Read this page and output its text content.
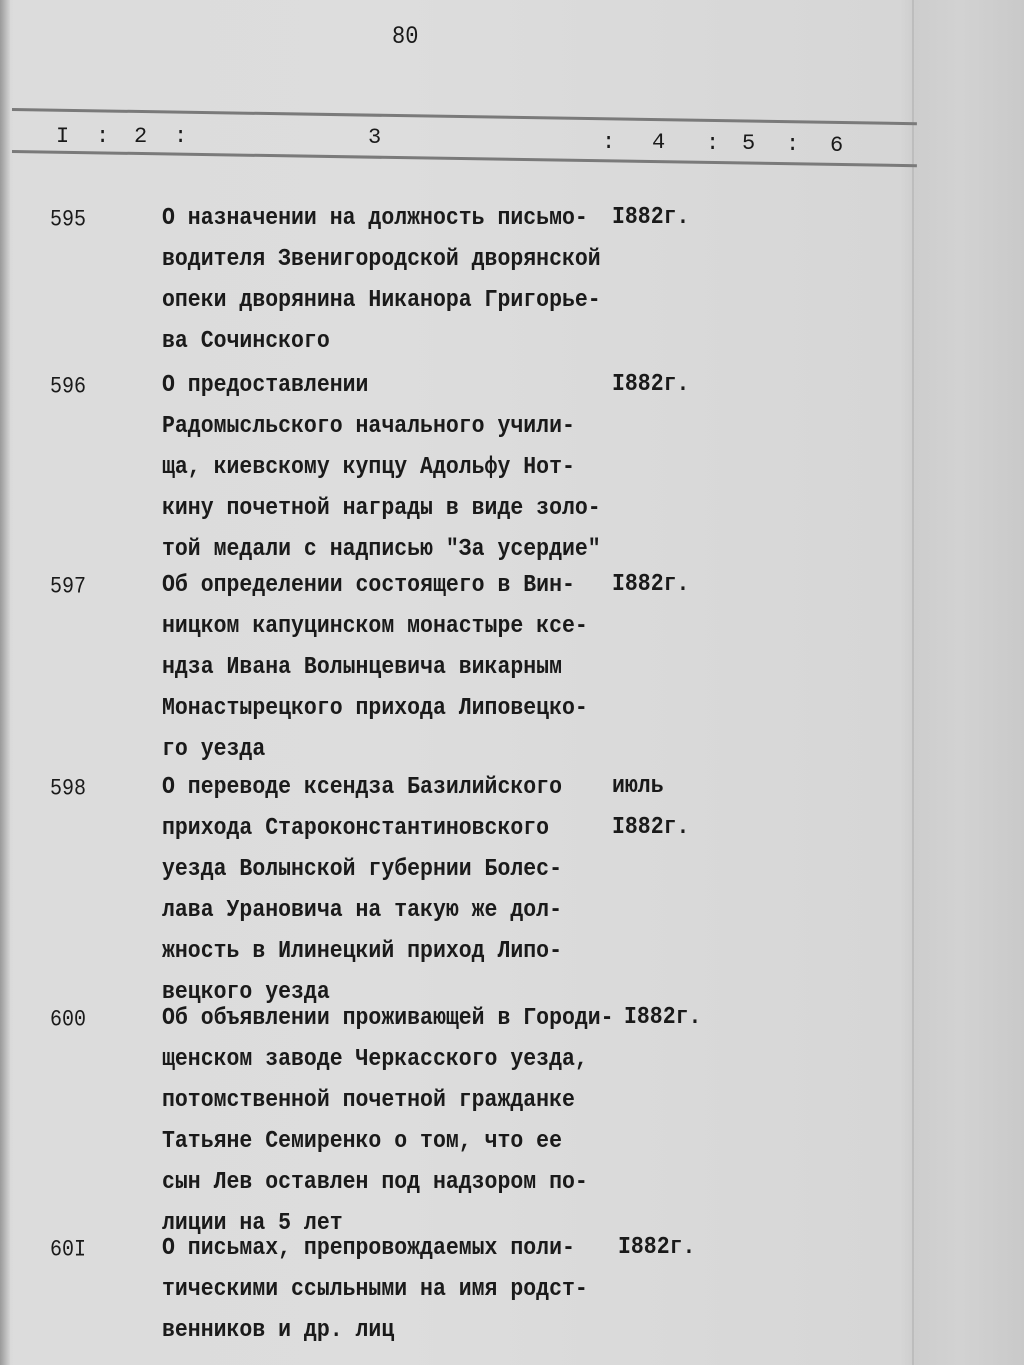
80
I : 2 :	3	: 4 : 5 : 6
595	О назначении на должность письмо-
водителя Звенигородской дворянской
опеки дворянина Никанора Григорье-
ва Сочинского
I882г.
596	О предоставлении
Радомысльского начального учили-
ща, киевскому купцу Адольфу Нот-
кину почетной награды в виде золо-
той медали с надписью "За усердие"
I882г.
597	Об определении состоящего в Вин-
ницком капуцинском монастыре ксе-
ндза Ивана Волынцевича викарным
Монастырецкого прихода Липовецко-
го уезда
I882г.
598	О переводе ксендза Базилийского
прихода Староконстантиновского
уезда Волынской губернии Болес-
лава Урановича на такую же дол-
жность в Илинецкий приход Липо-
вецкого уезда
июль
I882г.
600	Об объявлении проживающей в Городи-
щенском заводе Черкасского уезда,
потомственной почетной гражданке
Татьяне Семиренко о том, что ее
сын Лев оставлен под надзором по-
лиции на 5 лет
I882г.
60I	О письмах, препровождаемых поли-
тическими ссыльными на имя родст-
венников и др. лиц
I882г.
